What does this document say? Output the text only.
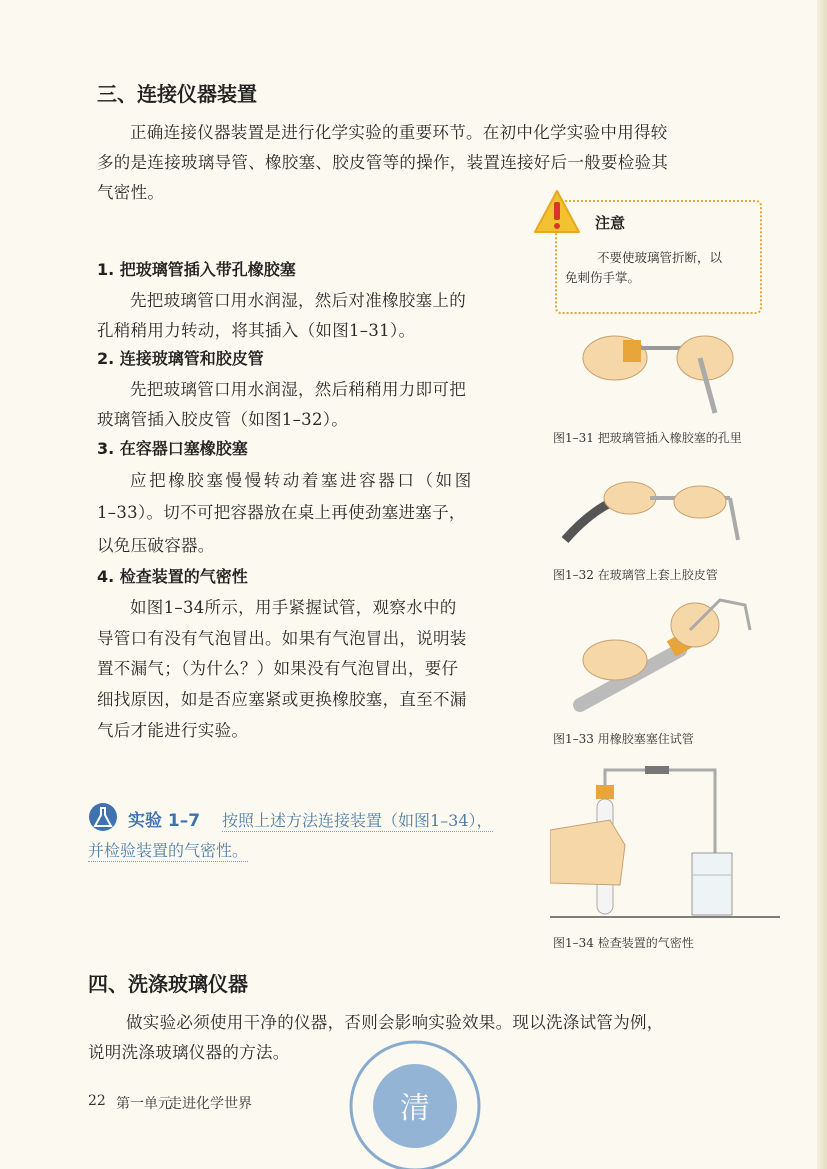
三、连接仪器装置
正确连接仪器装置是进行化学实验的重要环节。在初中化学实验中用得较
多的是连接玻璃导管、橡胶塞、胶皮管等的操作，装置连接好后一般要检验其
气密性。
注意
不要使玻璃管折断，以
免刺伤手掌。
1. 把玻璃管插入带孔橡胶塞
先把玻璃管口用水润湿，然后对准橡胶塞上的
孔稍稍用力转动，将其插入（如图1–31）。
2. 连接玻璃管和胶皮管
先把玻璃管口用水润湿，然后稍稍用力即可把
玻璃管插入胶皮管（如图1–32）。
3. 在容器口塞橡胶塞
应把橡胶塞慢慢转动着塞进容器口（如图
1–33）。切不可把容器放在桌上再使劲塞进塞子，
以免压破容器。
4. 检查装置的气密性
如图1–34所示，用手紧握试管，观察水中的
导管口有没有气泡冒出。如果有气泡冒出，说明装
置不漏气；（为什么？）如果没有气泡冒出，要仔
细找原因，如是否应塞紧或更换橡胶塞，直至不漏
气后才能进行实验。
实验 1–7 按照上述方法连接装置（如图1–34），
并检验装置的气密性。
图1–31 把玻璃管插入橡胶塞的孔里
图1–32 在玻璃管上套上胶皮管
图1–33 用橡胶塞塞住试管
图1–34 检查装置的气密性
四、洗涤玻璃仪器
做实验必须使用干净的仪器，否则会影响实验效果。现以洗涤试管为例，
说明洗涤玻璃仪器的方法。
22 第一单元
走进化学世界	清
